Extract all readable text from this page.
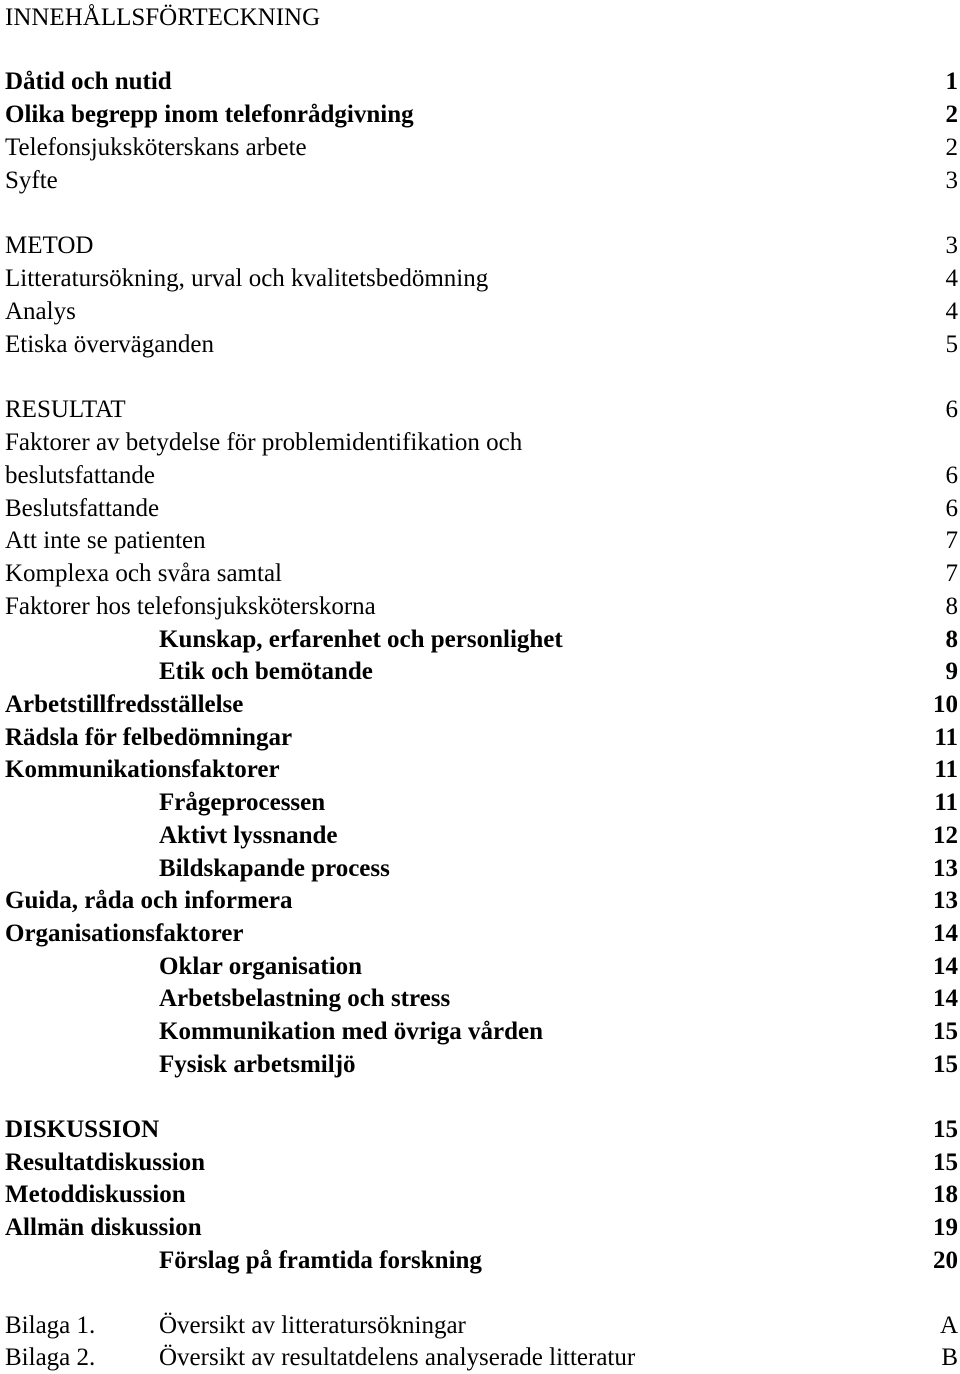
INNEHÅLLSFÖRTECKNING
Dåtid och nutid	1
Olika begrepp inom telefonrådgivning	2
Telefonsjuksköterskans arbete	2
Syfte	3
METOD	3
Litteratursökning, urval och kvalitetsbedömning	4
Analys	4
Etiska överväganden	5
RESULTAT	6
Faktorer av betydelse för problemidentifikation och
beslutsfattande	6
Beslutsfattande	6
Att inte se patienten	7
Komplexa och svåra samtal	7
Faktorer hos telefonsjuksköterskorna	8
Kunskap, erfarenhet och personlighet	8
Etik och bemötande	9
Arbetstillfredsställelse	10
Rädsla för felbedömningar	11
Kommunikationsfaktorer	11
Frågeprocessen	11
Aktivt lyssnande	12
Bildskapande process	13
Guida, råda och informera	13
Organisationsfaktorer	14
Oklar organisation	14
Arbetsbelastning och stress	14
Kommunikation med övriga vården	15
Fysisk arbetsmiljö	15
DISKUSSION	15
Resultatdiskussion	15
Metoddiskussion	18
Allmän diskussion	19
Förslag på framtida forskning	20
Bilaga 1.	Översikt av litteratursökningar	A
Bilaga 2.	Översikt av resultatdelens analyserade litteratur	B
